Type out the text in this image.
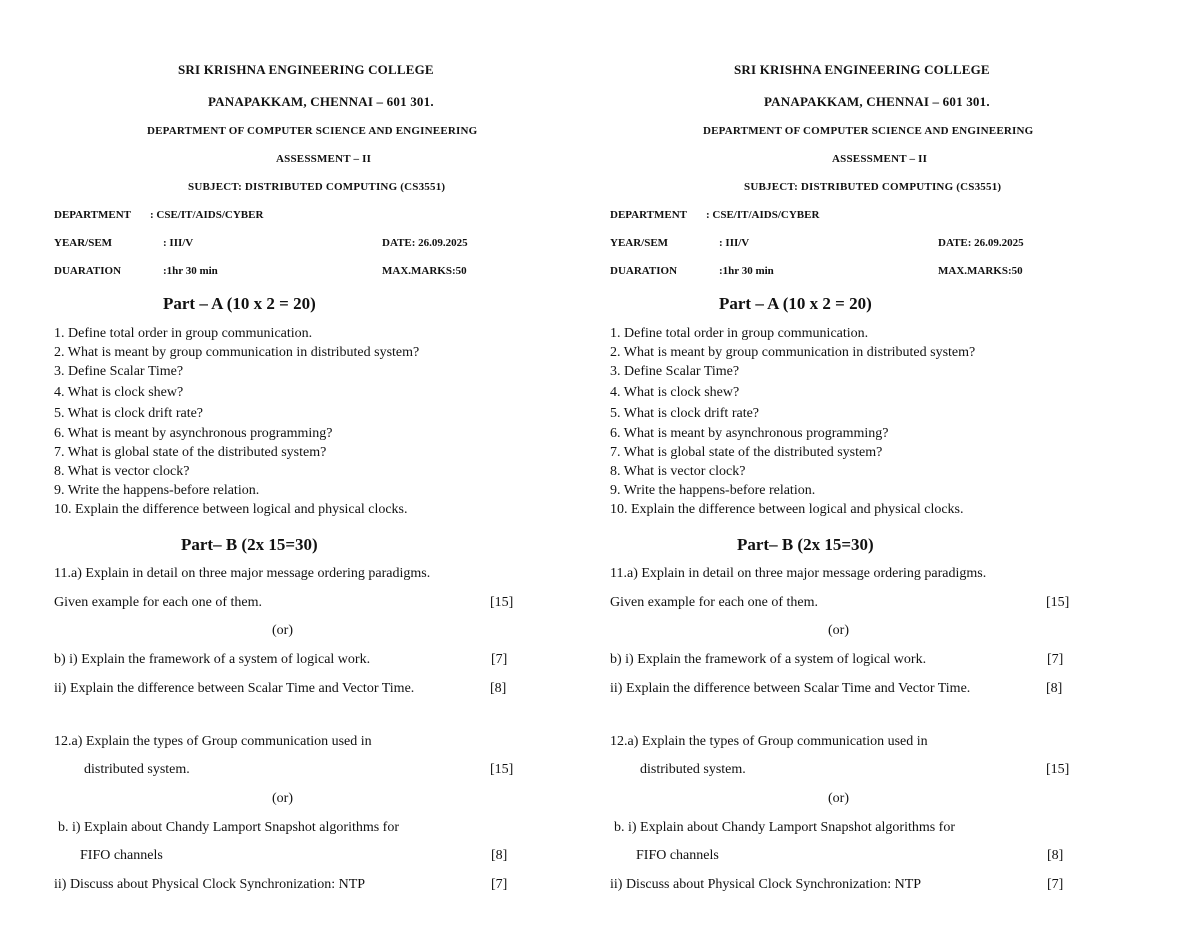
SRI KRISHNA ENGINEERING COLLEGE
PANAPAKKAM, CHENNAI – 601 301.
DEPARTMENT OF COMPUTER SCIENCE AND ENGINEERING
ASSESSMENT – II
SUBJECT: DISTRIBUTED COMPUTING (CS3551)
DEPARTMENT : CSE/IT/AIDS/CYBER
YEAR/SEM	: III/V	DATE: 26.09.2025
DUARATION	:1hr 30 min	MAX.MARKS:50
Part – A (10 x 2 = 20)
1. Define total order in group communication.
2. What is meant by group communication in distributed system?
3. Define Scalar Time?
4. What is clock shew?
5. What is clock drift rate?
6. What is meant by asynchronous programming?
7. What is global state of the distributed system?
8. What is vector clock?
9. Write the happens-before relation.
10. Explain the difference between logical and physical clocks.
Part– B (2x 15=30)
11.a) Explain in detail on three major message ordering paradigms.
Given example for each one of them.	[15]
(or)
b) i) Explain the framework of a system of logical work.	[7]
ii) Explain the difference between Scalar Time and Vector Time.	[8]
12.a) Explain the types of Group communication used in
distributed system.	[15]
(or)
b. i) Explain about Chandy Lamport Snapshot algorithms for
FIFO channels	[8]
ii) Discuss about Physical Clock Synchronization: NTP	[7]
SRI KRISHNA ENGINEERING COLLEGE
PANAPAKKAM, CHENNAI – 601 301.
DEPARTMENT OF COMPUTER SCIENCE AND ENGINEERING
ASSESSMENT – II
SUBJECT: DISTRIBUTED COMPUTING (CS3551)
DEPARTMENT : CSE/IT/AIDS/CYBER
YEAR/SEM	: III/V	DATE: 26.09.2025
DUARATION	:1hr 30 min	MAX.MARKS:50
Part – A (10 x 2 = 20)
1. Define total order in group communication.
2. What is meant by group communication in distributed system?
3. Define Scalar Time?
4. What is clock shew?
5. What is clock drift rate?
6. What is meant by asynchronous programming?
7. What is global state of the distributed system?
8. What is vector clock?
9. Write the happens-before relation.
10. Explain the difference between logical and physical clocks.
Part– B (2x 15=30)
11.a) Explain in detail on three major message ordering paradigms.
Given example for each one of them.	[15]
(or)
b) i) Explain the framework of a system of logical work.	[7]
ii) Explain the difference between Scalar Time and Vector Time.	[8]
12.a) Explain the types of Group communication used in
distributed system.	[15]
(or)
b. i) Explain about Chandy Lamport Snapshot algorithms for
FIFO channels	[8]
ii) Discuss about Physical Clock Synchronization: NTP	[7]
